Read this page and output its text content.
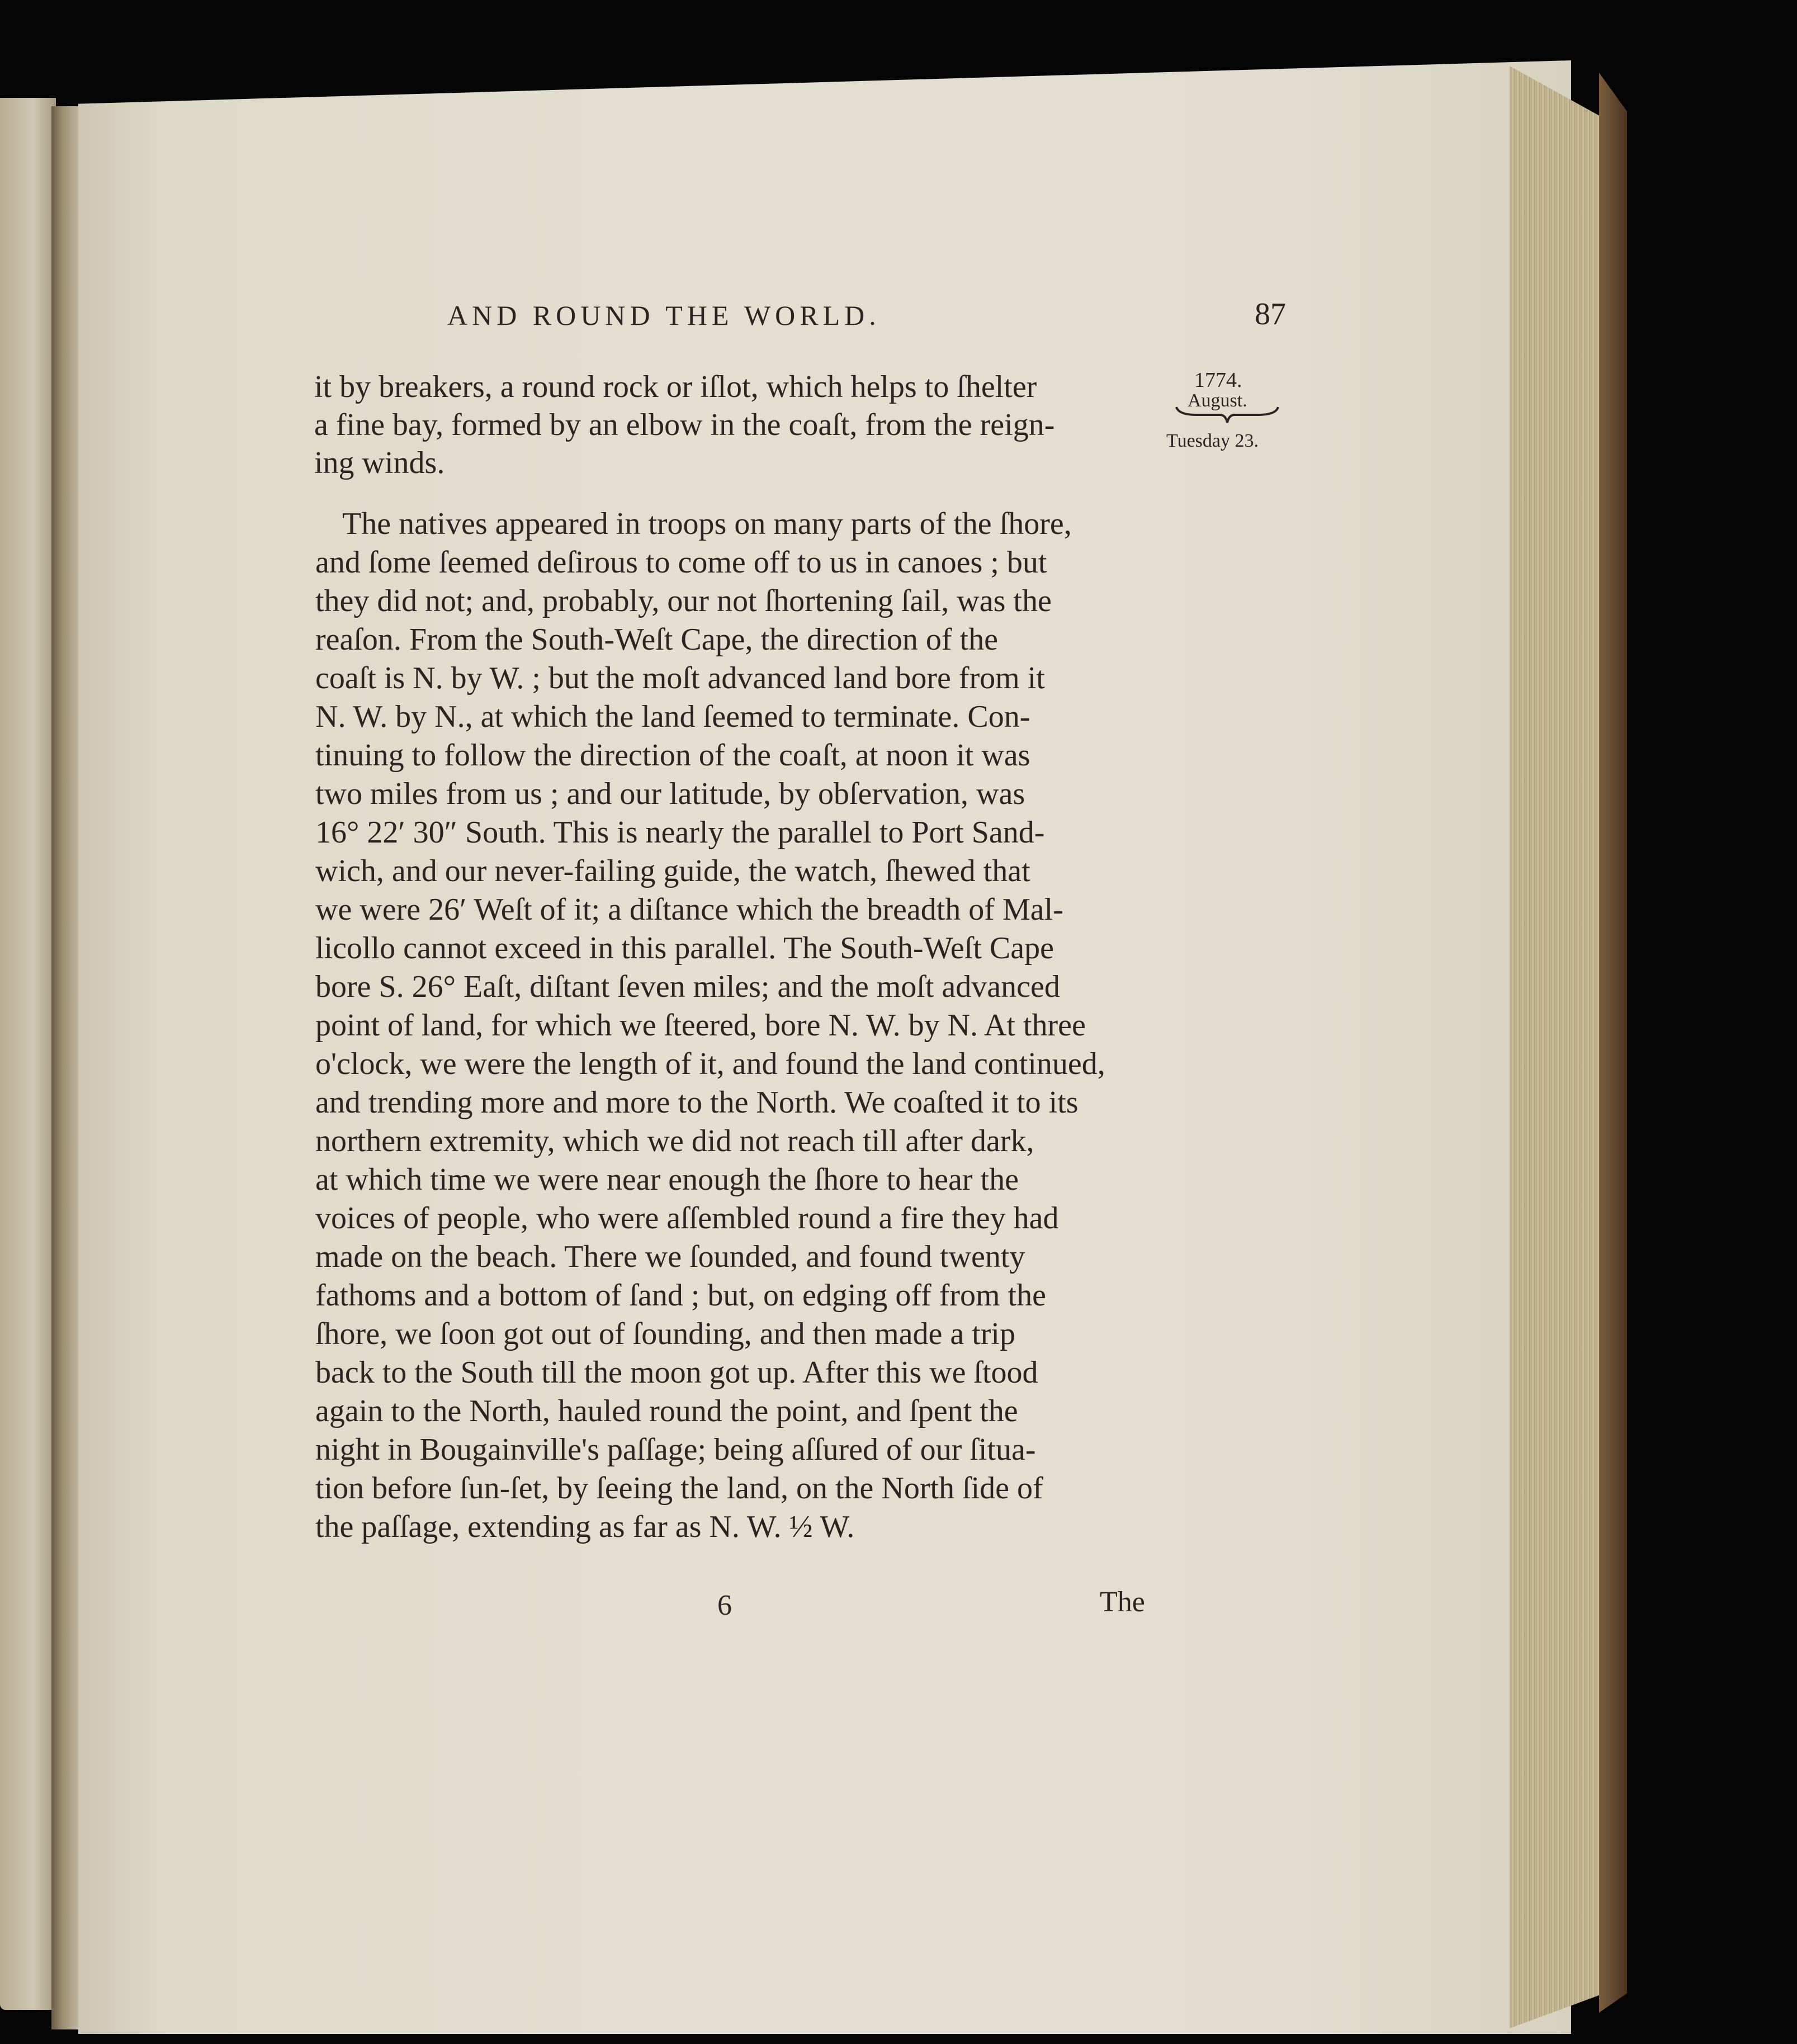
AND ROUND THE WORLD.	87
1774.
August.
Tuesday 23.
it by breakers, a round rock or iſlot, which helps to ſhelter
a fine bay, formed by an elbow in the coaſt, from the reign-
ing winds.
The natives appeared in troops on many parts of the ſhore,
and ſome ſeemed deſirous to come off to us in canoes ; but
they did not; and, probably, our not ſhortening ſail, was the
reaſon. From the South-Weſt Cape, the direction of the
coaſt is N. by W. ; but the moſt advanced land bore from it
N. W. by N., at which the land ſeemed to terminate. Con-
tinuing to follow the direction of the coaſt, at noon it was
two miles from us ; and our latitude, by obſervation, was
16° 22′ 30″ South. This is nearly the parallel to Port Sand-
wich, and our never-failing guide, the watch, ſhewed that
we were 26′ Weſt of it; a diſtance which the breadth of Mal-
licollo cannot exceed in this parallel. The South-Weſt Cape
bore S. 26° Eaſt, diſtant ſeven miles; and the moſt advanced
point of land, for which we ſteered, bore N. W. by N. At three
o'clock, we were the length of it, and found the land continued,
and trending more and more to the North. We coaſted it to its
northern extremity, which we did not reach till after dark,
at which time we were near enough the ſhore to hear the
voices of people, who were aſſembled round a fire they had
made on the beach. There we ſounded, and found twenty
fathoms and a bottom of ſand ; but, on edging off from the
ſhore, we ſoon got out of ſounding, and then made a trip
back to the South till the moon got up. After this we ſtood
again to the North, hauled round the point, and ſpent the
night in Bougainville's paſſage; being aſſured of our ſitua-
tion before ſun-ſet, by ſeeing the land, on the North ſide of
the paſſage, extending as far as N. W. ½ W.
6	The
